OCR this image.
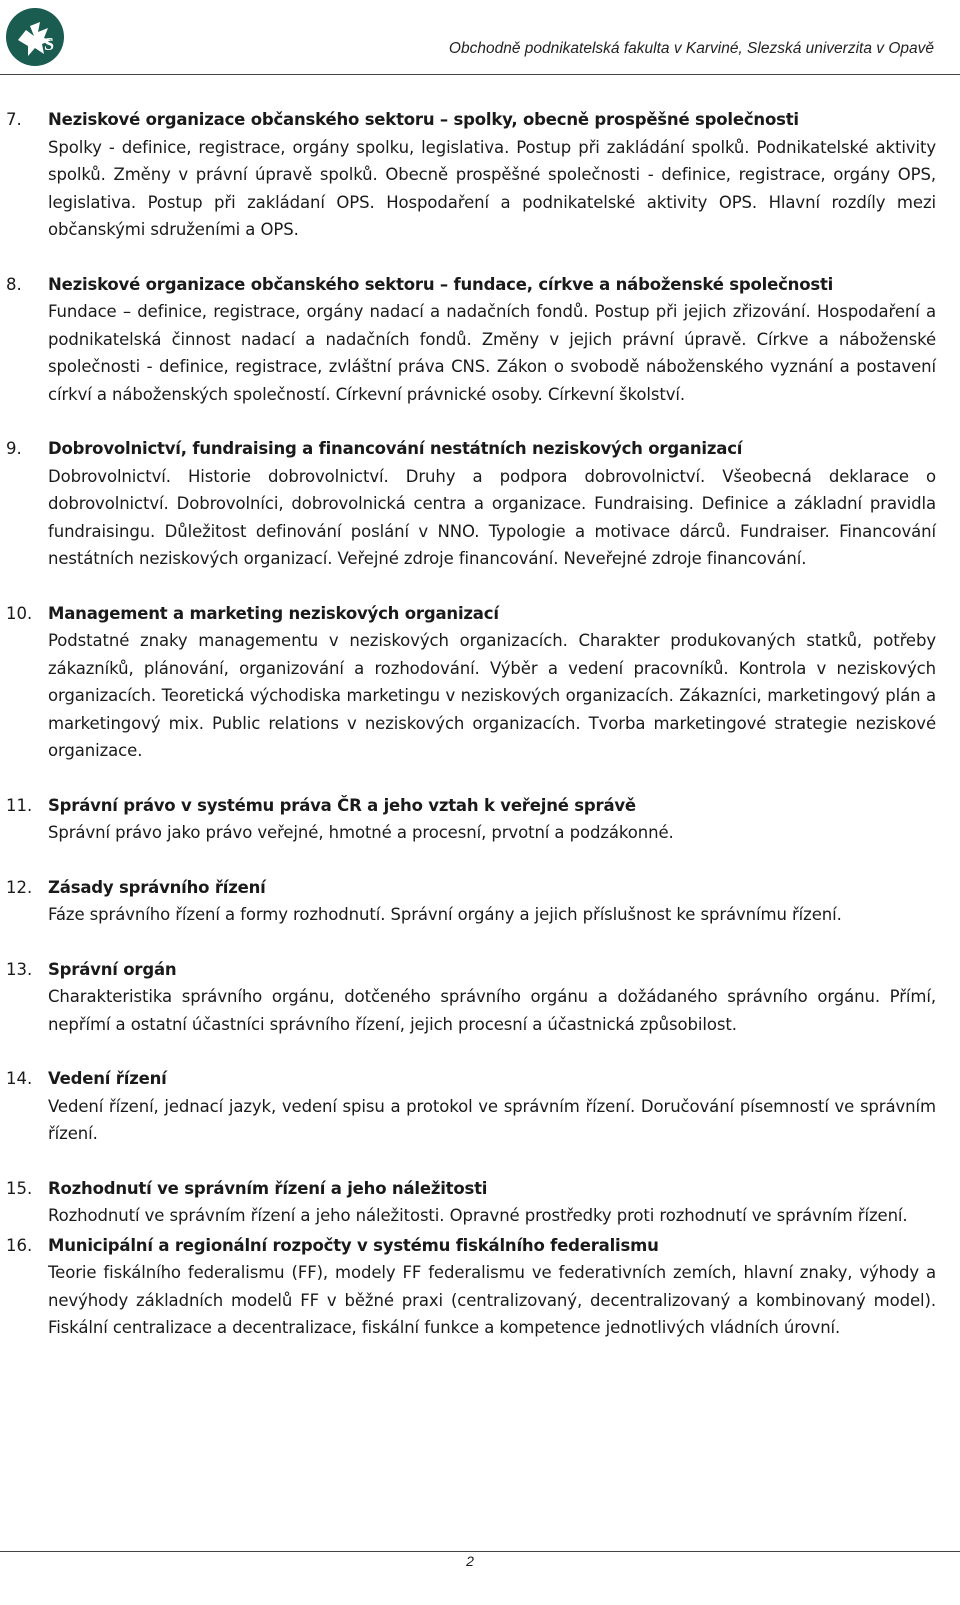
S	Obchodně podnikatelská fakulta v Karviné, Slezská univerzita v Opavě
7. Neziskové organizace občanského sektoru – spolky, obecně prospěšné společnosti
Spolky - definice, registrace, orgány spolku, legislativa. Postup při zakládání spolků. Podnikatelské aktivity spolků. Změny v právní úpravě spolků. Obecně prospěšné společnosti - definice, registrace, orgány OPS, legislativa. Postup při zakládaní OPS. Hospodaření a podnikatelské aktivity OPS. Hlavní rozdíly mezi občanskými sdruženími a OPS.
8. Neziskové organizace občanského sektoru – fundace, církve a náboženské společnosti
Fundace – definice, registrace, orgány nadací a nadačních fondů. Postup při jejich zřizování. Hospodaření a podnikatelská činnost nadací a nadačních fondů. Změny v jejich právní úpravě. Církve a náboženské společnosti - definice, registrace, zvláštní práva CNS. Zákon o svobodě náboženského vyznání a postavení církví a náboženských společností. Církevní právnické osoby. Církevní školství.
9. Dobrovolnictví, fundraising a financování nestátních neziskových organizací
Dobrovolnictví. Historie dobrovolnictví. Druhy a podpora dobrovolnictví. Všeobecná deklarace o dobrovolnictví. Dobrovolníci, dobrovolnická centra a organizace. Fundraising. Definice a základní pravidla fundraisingu. Důležitost definování poslání v NNO. Typologie a motivace dárců. Fundraiser. Financování nestátních neziskových organizací. Veřejné zdroje financování. Neveřejné zdroje financování.
10. Management a marketing neziskových organizací
Podstatné znaky managementu v neziskových organizacích. Charakter produkovaných statků, potřeby zákazníků, plánování, organizování a rozhodování. Výběr a vedení pracovníků. Kontrola v neziskových organizacích. Teoretická východiska marketingu v neziskových organizacích. Zákazníci, marketingový plán a marketingový mix. Public relations v neziskových organizacích. Tvorba marketingové strategie neziskové organizace.
11. Správní právo v systému práva ČR a jeho vztah k veřejné správě
Správní právo jako právo veřejné, hmotné a procesní, prvotní a podzákonné.
12. Zásady správního řízení
Fáze správního řízení a formy rozhodnutí. Správní orgány a jejich příslušnost ke správnímu řízení.
13. Správní orgán
Charakteristika správního orgánu, dotčeného správního orgánu a dožádaného správního orgánu. Přímí, nepřímí a ostatní účastníci správního řízení, jejich procesní a účastnická způsobilost.
14. Vedení řízení
Vedení řízení, jednací jazyk, vedení spisu a protokol ve správním řízení. Doručování písemností ve správním řízení.
15. Rozhodnutí ve správním řízení a jeho náležitosti
Rozhodnutí ve správním řízení a jeho náležitosti. Opravné prostředky proti rozhodnutí ve správním řízení.
16. Municipální a regionální rozpočty v systému fiskálního federalismu
Teorie fiskálního federalismu (FF), modely FF federalismu ve federativních zemích, hlavní znaky, výhody a nevýhody základních modelů FF v běžné praxi (centralizovaný, decentralizovaný a kombinovaný model). Fiskální centralizace a decentralizace, fiskální funkce a kompetence jednotlivých vládních úrovní.
2
